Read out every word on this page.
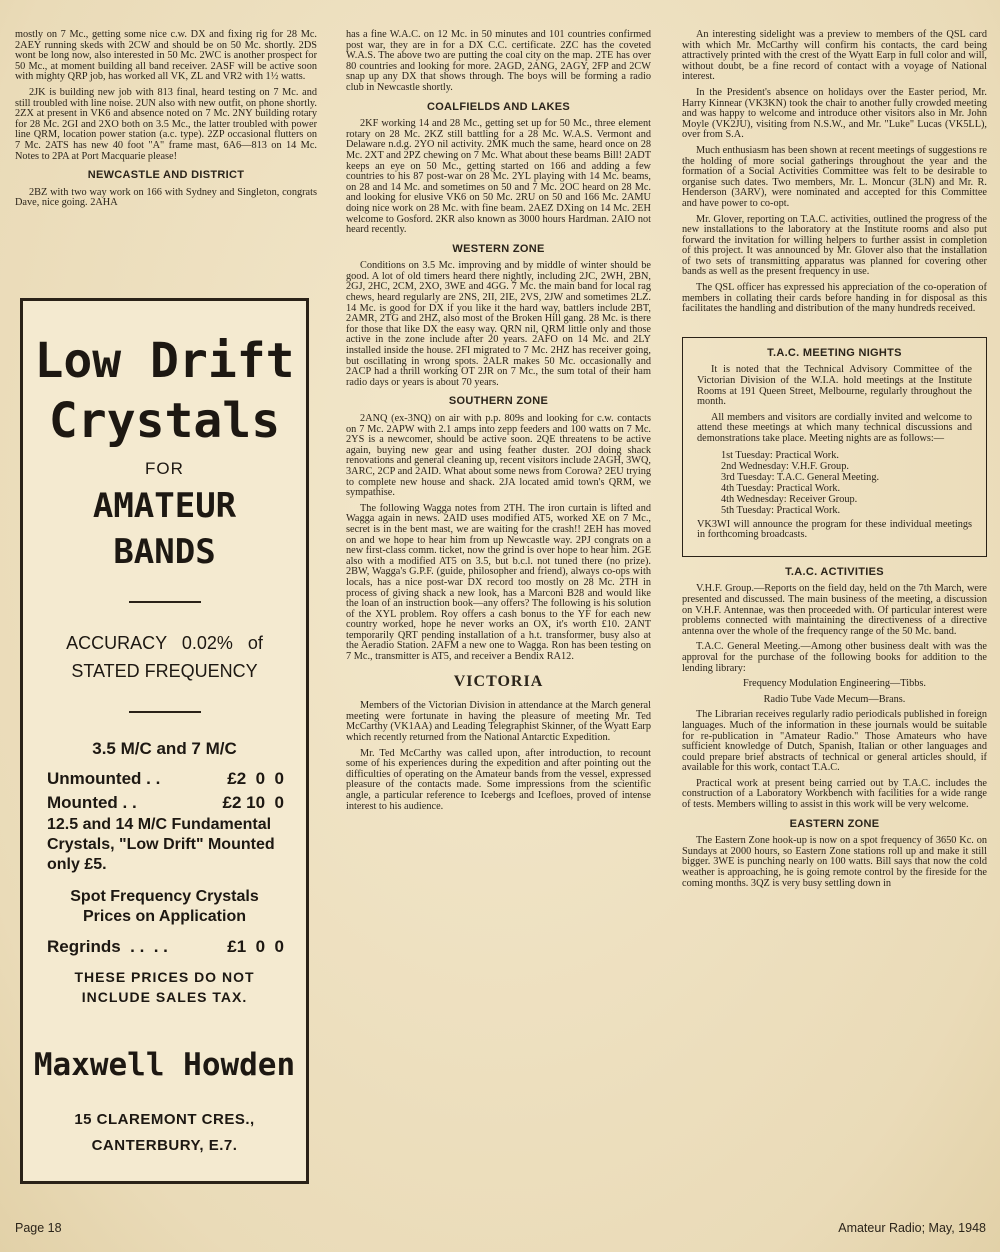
mostly on 7 Mc., getting some nice c.w. DX and fixing rig for 28 Mc. 2AEY running skeds with 2CW and should be on 50 Mc. shortly. 2DS wont be long now, also interested in 50 Mc. 2WC is another prospect for 50 Mc., at moment building all band receiver. 2ASF will be active soon with mighty QRP job, has worked all VK, ZL and VR2 with 1½ watts.

2JK is building new job with 813 final, heard testing on 7 Mc. and still troubled with line noise. 2UN also with new outfit, on phone shortly. 2ZX at present in VK6 and absence noted on 7 Mc. 2NY building rotary for 28 Mc. 2GI and 2XO both on 3.5 Mc., the latter troubled with power line QRM, location power station (a.c. type). 2ZP occasional flutters on 7 Mc. 2ATS has new 40 foot "A" frame mast, 6A6—813 on 14 Mc. Notes to 2PA at Port Macquarie please!

NEWCASTLE AND DISTRICT

2BZ with two way work on 166 with Sydney and Singleton, congrats Dave, nice going. 2AHA

Low Drift
Crystals
FOR
AMATEUR
BANDS
ACCURACY   0.02%   of
STATED FREQUENCY
3.5 M/C and 7 M/C
Unmounted . .	£2  0  0
Mounted . .	£2 10  0
12.5 and 14 M/C Fundamental Crystals, "Low Drift" Mounted only £5.
Spot Frequency Crystals
Prices on Application
Regrinds  . .  . .	£1  0  0
THESE PRICES DO NOT
INCLUDE SALES TAX.
Maxwell Howden
15 CLAREMONT CRES.,
CANTERBURY, E.7.

has a fine W.A.C. on 12 Mc. in 50 minutes and 101 countries confirmed post war, they are in for a DX C.C. certificate. 2ZC has the coveted W.A.S. The above two are putting the coal city on the map. 2TE has over 80 countries and looking for more. 2AGD, 2ANG, 2AGY, 2FP and 2CW snap up any DX that shows through. The boys will be forming a radio club in Newcastle shortly.

COALFIELDS AND LAKES

2KF working 14 and 28 Mc., getting set up for 50 Mc., three element rotary on 28 Mc. 2KZ still battling for a 28 Mc. W.A.S. Vermont and Delaware n.d.g. 2YO nil activity. 2MK much the same, heard once on 28 Mc. 2XT and 2PZ chewing on 7 Mc. What about these beams Bill! 2ADT keeps an eye on 50 Mc., getting started on 166 and adding a few countries to his 87 post-war on 28 Mc. 2YL playing with 14 Mc. beams, on 28 and 14 Mc. and sometimes on 50 and 7 Mc. 2OC heard on 28 Mc. and looking for elusive VK6 on 50 Mc. 2RU on 50 and 166 Mc. 2AMU doing nice work on 28 Mc. with fine beam. 2AEZ DXing on 14 Mc. 2EH welcome to Gosford. 2KR also known as 3000 hours Hardman. 2AIO not heard recently.

WESTERN ZONE

Conditions on 3.5 Mc. improving and by middle of winter should be good. A lot of old timers heard there nightly, including 2JC, 2WH, 2BN, 2GJ, 2HC, 2CM, 2XO, 3WE and 4GG. 7 Mc. the main band for local rag chews, heard regularly are 2NS, 2II, 2IE, 2VS, 2JW and sometimes 2LZ. 14 Mc. is good for DX if you like it the hard way, battlers include 2BT, 2AMR, 2TG and 2HZ, also most of the Broken Hill gang. 28 Mc. is there for those that like DX the easy way. QRN nil, QRM little only and those active in the zone include after 20 years. 2AFO on 14 Mc. and 2LY installed inside the house. 2FI migrated to 7 Mc. 2HZ has receiver going, but oscillating in wrong spots. 2ALR makes 50 Mc. occasionally and 2ACP had a thrill working OT 2JR on 7 Mc., the sum total of their ham radio days or years is about 70 years.

SOUTHERN ZONE

2ANQ (ex-3NQ) on air with p.p. 809s and looking for c.w. contacts on 7 Mc. 2APW with 2.1 amps into zepp feeders and 100 watts on 7 Mc. 2YS is a newcomer, should be active soon. 2QE threatens to be active again, buying new gear and using feather duster. 2OJ doing shack renovations and general cleaning up, recent visitors include 2AGH, 3WQ, 3ARC, 2CP and 2AID. What about some news from Corowa? 2EU trying to complete new house and shack. 2JA located amid town's QRM, we sympathise.

The following Wagga notes from 2TH. The iron curtain is lifted and Wagga again in news. 2AID uses modified AT5, worked XE on 7 Mc., secret is in the bent mast, we are waiting for the crash!! 2EH has moved on and we hope to hear him from up Newcastle way. 2PJ congrats on a new first-class comm. ticket, now the grind is over hope to hear him. 2GE also with a modified AT5 on 3.5, but b.c.l. not tuned there (no prize). 2BW, Wagga's G.P.F. (guide, philosopher and friend), always co-ops with locals, has a nice post-war DX record too mostly on 28 Mc. 2TH in process of giving shack a new look, has a Marconi B28 and would like the loan of an instruction book—any offers? The following is his solution of the XYL problem. Roy offers a cash bonus to the YF for each new country worked, hope he never works an OX, it's worth £10. 2ANT temporarily QRT pending installation of a h.t. transformer, busy also at the Aeradio Station. 2AFM a new one to Wagga. Ron has been testing on 7 Mc., transmitter is AT5, and receiver a Bendix RA12.

VICTORIA

Members of the Victorian Division in attendance at the March general meeting were fortunate in having the pleasure of meeting Mr. Ted McCarthy (VK1AA) and Leading Telegraphist Skinner, of the Wyatt Earp which recently returned from the National Antarctic Expedition.

Mr. Ted McCarthy was called upon, after introduction, to recount some of his experiences during the expedition and after pointing out the difficulties of operating on the Amateur bands from the vessel, expressed pleasure of the contacts made. Some impressions from the scientific angle, a particular reference to Icebergs and Icefloes, proved of intense interest to his audience.

An interesting sidelight was a preview to members of the QSL card with which Mr. McCarthy will confirm his contacts, the card being attractively printed with the crest of the Wyatt Earp in full color and will, without doubt, be a fine record of contact with a voyage of National interest.

In the President's absence on holidays over the Easter period, Mr. Harry Kinnear (VK3KN) took the chair to another fully crowded meeting and was happy to welcome and introduce other visitors also in Mr. John Moyle (VK2JU), visiting from N.S.W., and Mr. "Luke" Lucas (VK5LL), over from S.A.

Much enthusiasm has been shown at recent meetings of suggestions re the holding of more social gatherings throughout the year and the formation of a Social Activities Committee was felt to be desirable to organise such dates. Two members, Mr. L. Moncur (3LN) and Mr. R. Henderson (3ARV), were nominated and accepted for this Committee and have power to co-opt.

Mr. Glover, reporting on T.A.C. activities, outlined the progress of the new installations to the laboratory at the Institute rooms and also put forward the invitation for willing helpers to further assist in completion of this project. It was announced by Mr. Glover also that the installation of two sets of transmitting apparatus was planned for covering other bands as well as the present frequency in use.

The QSL officer has expressed his appreciation of the co-operation of members in collating their cards before handing in for disposal as this facilitates the handling and distribution of the many hundreds received.

T.A.C. MEETING NIGHTS

It is noted that the Technical Advisory Committee of the Victorian Division of the W.I.A. hold meetings at the Institute Rooms at 191 Queen Street, Melbourne, regularly throughout the month.

All members and visitors are cordially invited and welcome to attend these meetings at which many technical discussions and demonstrations take place. Meeting nights are as follows:—

1st Tuesday: Practical Work.
2nd Wednesday: V.H.F. Group.
3rd Tuesday: T.A.C. General Meeting.
4th Tuesday: Practical Work.
4th Wednesday: Receiver Group.
5th Tuesday: Practical Work.

VK3WI will announce the program for these individual meetings in forthcoming broadcasts.

T.A.C. ACTIVITIES

V.H.F. Group.—Reports on the field day, held on the 7th March, were presented and discussed. The main business of the meeting, a discussion on V.H.F. Antennae, was then proceeded with. Of particular interest were problems connected with maintaining the directiveness of a directive antenna over the whole of the frequency range of the 50 Mc. band.

T.A.C. General Meeting.—Among other business dealt with was the approval for the purchase of the following books for addition to the lending library:

Frequency Modulation Engineering—Tibbs.

Radio Tube Vade Mecum—Brans.

The Librarian receives regularly radio periodicals published in foreign languages. Much of the information in these journals would be suitable for re-publication in "Amateur Radio." Those Amateurs who have sufficient knowledge of Dutch, Spanish, Italian or other languages and could prepare brief abstracts of technical or general articles should, if available for this work, contact T.A.C.

Practical work at present being carried out by T.A.C. includes the construction of a Laboratory Workbench with facilities for a wide range of tests. Members willing to assist in this work will be very welcome.

EASTERN ZONE

The Eastern Zone hook-up is now on a spot frequency of 3650 Kc. on Sundays at 2000 hours, so Eastern Zone stations roll up and make it still bigger. 3WE is punching nearly on 100 watts. Bill says that now the cold weather is approaching, he is going remote control by the fireside for the coming months. 3QZ is very busy settling down in

Page 18	Amateur Radio; May, 1948
